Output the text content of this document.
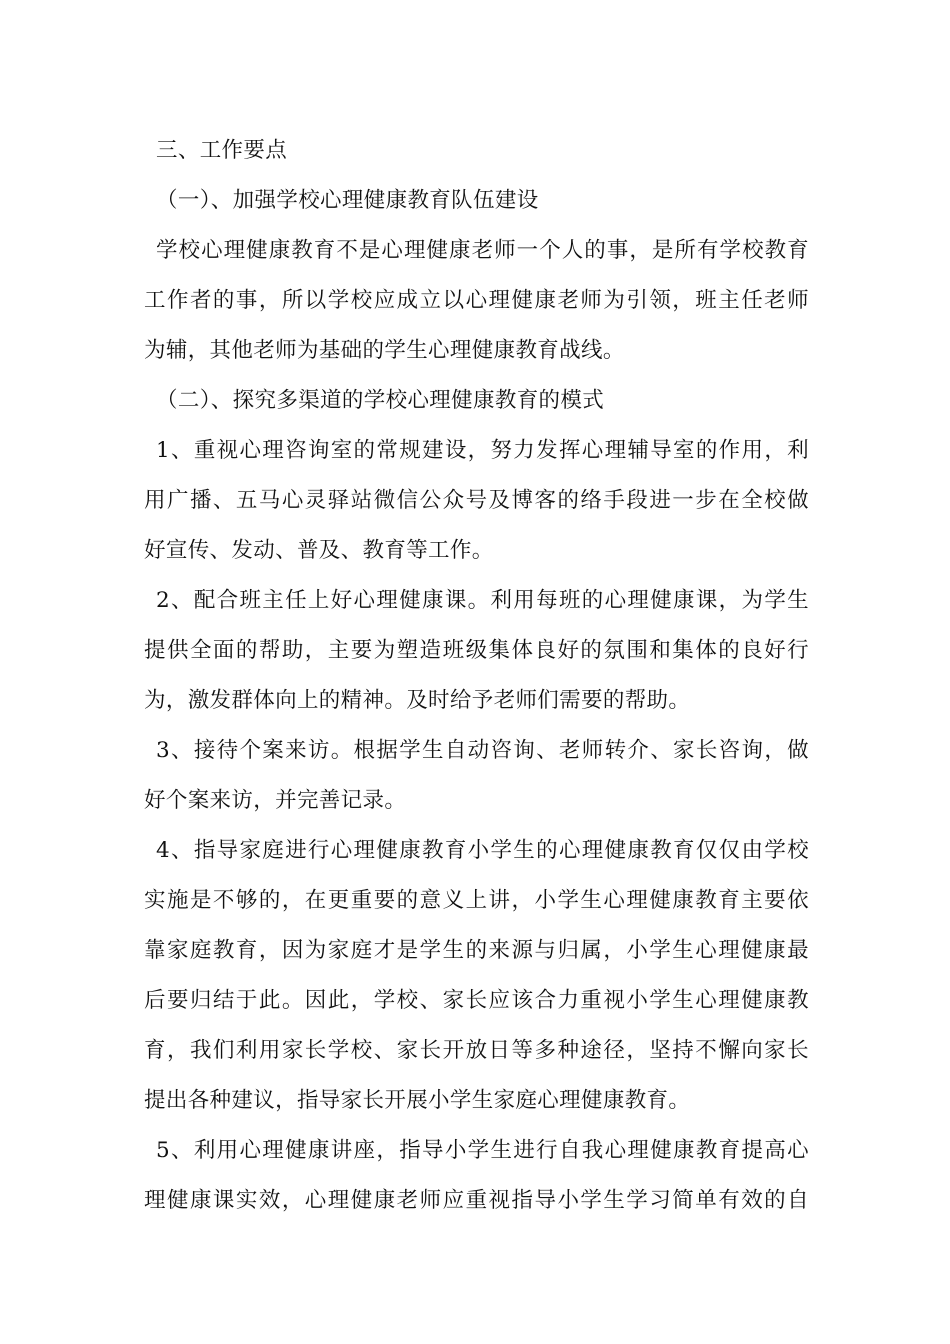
三、工作要点
（一）、加强学校心理健康教育队伍建设
学校心理健康教育不是心理健康老师一个人的事，是所有学校教育
工作者的事，所以学校应成立以心理健康老师为引领，班主任老师
为辅，其他老师为基础的学生心理健康教育战线。
（二）、探究多渠道的学校心理健康教育的模式
1、重视心理咨询室的常规建设，努力发挥心理辅导室的作用，利
用广播、五马心灵驿站微信公众号及博客的络手段进一步在全校做
好宣传、发动、普及、教育等工作。
2、配合班主任上好心理健康课。利用每班的心理健康课，为学生
提供全面的帮助，主要为塑造班级集体良好的氛围和集体的良好行
为，激发群体向上的精神。及时给予老师们需要的帮助。
3、接待个案来访。根据学生自动咨询、老师转介、家长咨询，做
好个案来访，并完善记录。
4、指导家庭进行心理健康教育小学生的心理健康教育仅仅由学校
实施是不够的，在更重要的意义上讲，小学生心理健康教育主要依
靠家庭教育，因为家庭才是学生的来源与归属，小学生心理健康最
后要归结于此。因此，学校、家长应该合力重视小学生心理健康教
育，我们利用家长学校、家长开放日等多种途径，坚持不懈向家长
提出各种建议，指导家长开展小学生家庭心理健康教育。
5、利用心理健康讲座，指导小学生进行自我心理健康教育提高心
理健康课实效，心理健康老师应重视指导小学生学习简单有效的自
